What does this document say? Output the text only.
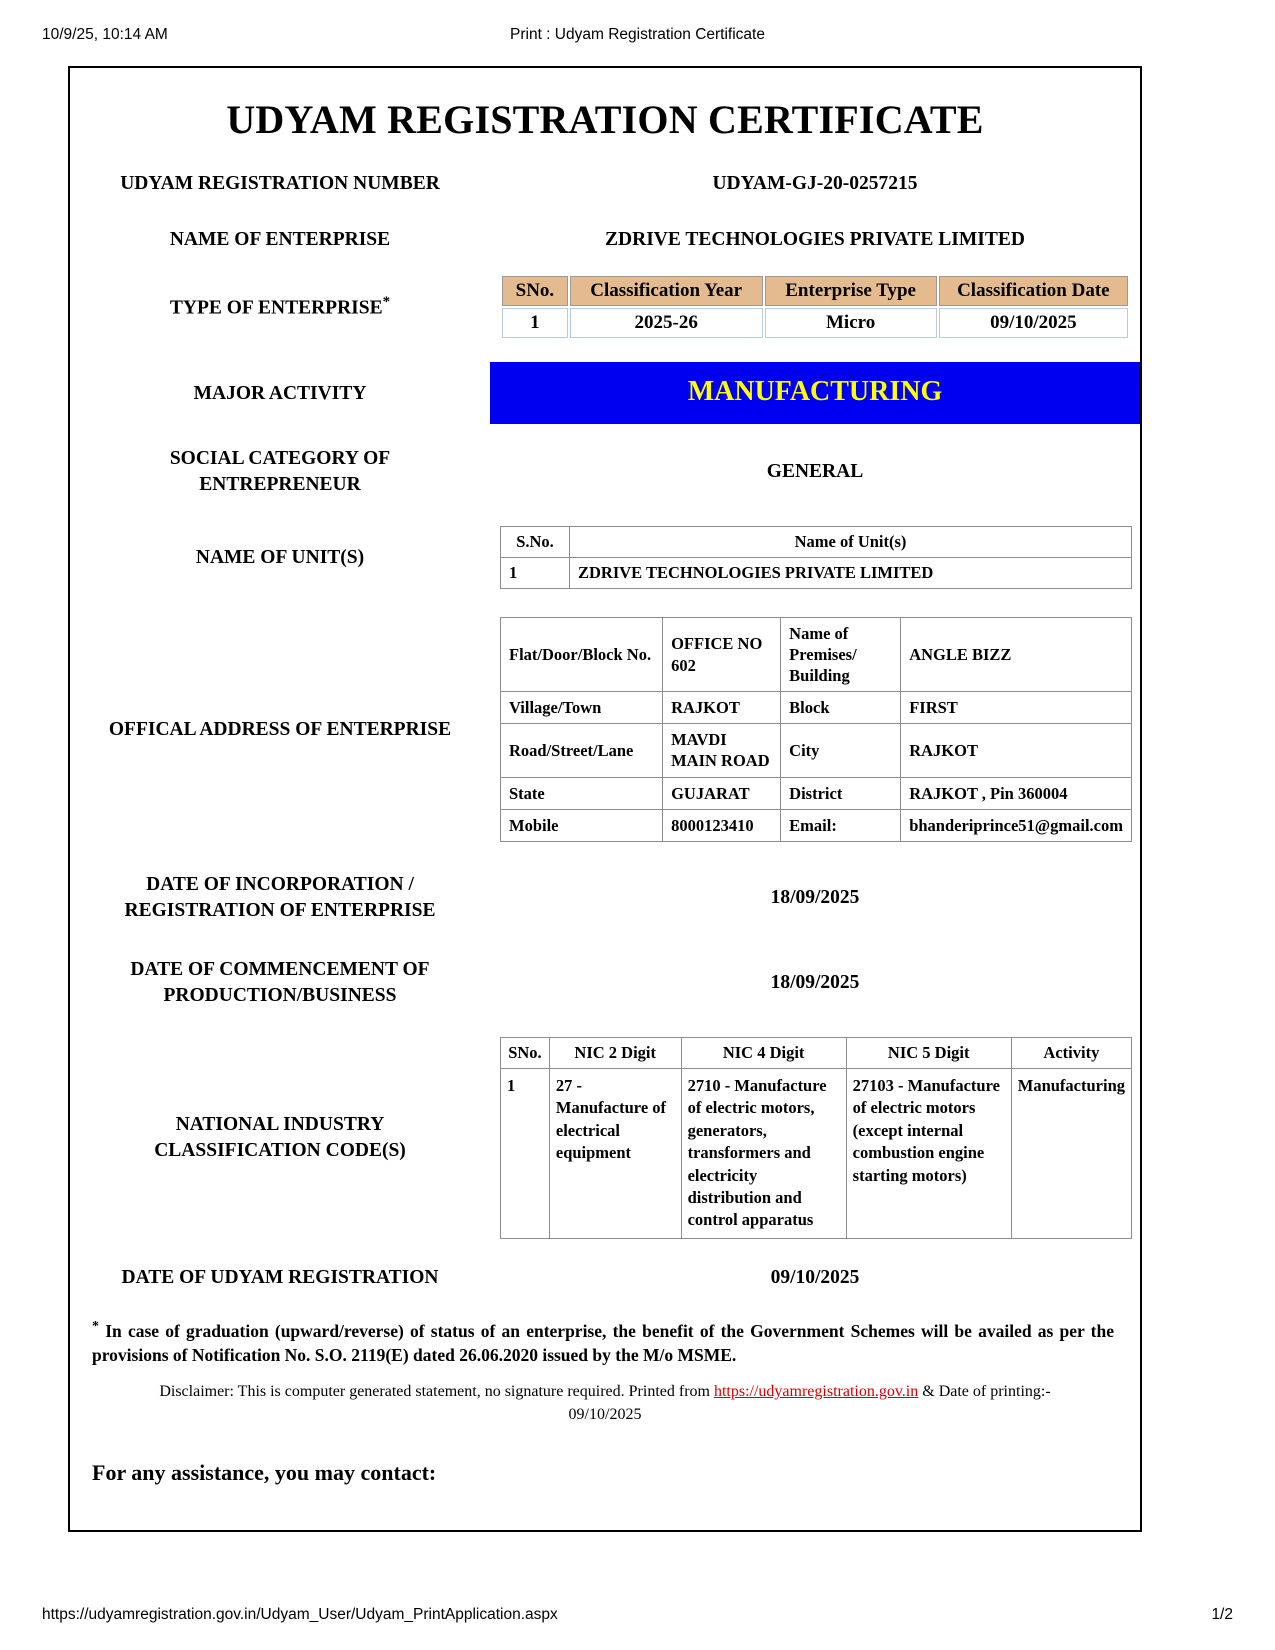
10/9/25, 10:14 AM	Print : Udyam Registration Certificate
UDYAM REGISTRATION CERTIFICATE
UDYAM REGISTRATION NUMBER	UDYAM-GJ-20-0257215
NAME OF ENTERPRISE	ZDRIVE TECHNOLOGIES PRIVATE LIMITED
TYPE OF ENTERPRISE*
SNo.	Classification Year	Enterprise Type	Classification Date
1	2025-26	Micro	09/10/2025
MAJOR ACTIVITY	MANUFACTURING
SOCIAL CATEGORY OF
ENTREPRENEUR
GENERAL
NAME OF UNIT(S)
S.No.	Name of Unit(s)
1	ZDRIVE TECHNOLOGIES PRIVATE LIMITED
OFFICAL ADDRESS OF ENTERPRISE
Flat/Door/Block No.	OFFICE NO 602	Name of Premises/ Building	ANGLE BIZZ
Village/Town	RAJKOT	Block	FIRST
Road/Street/Lane	MAVDI MAIN ROAD	City	RAJKOT
State	GUJARAT	District	RAJKOT , Pin 360004
Mobile	8000123410	Email:	bhanderiprince51@gmail.com
DATE OF INCORPORATION /
REGISTRATION OF ENTERPRISE
18/09/2025
DATE OF COMMENCEMENT OF
PRODUCTION/BUSINESS
18/09/2025
NATIONAL INDUSTRY
CLASSIFICATION CODE(S)
SNo.	NIC 2 Digit	NIC 4 Digit	NIC 5 Digit	Activity
1	27 - Manufacture of electrical equipment	2710 - Manufacture of electric motors, generators, transformers and electricity distribution and control apparatus	27103 - Manufacture of electric motors (except internal combustion engine starting motors)	Manufacturing
DATE OF UDYAM REGISTRATION	09/10/2025
* In case of graduation (upward/reverse) of status of an enterprise, the benefit of the Government Schemes will be availed as per the provisions of Notification No. S.O. 2119(E) dated 26.06.2020 issued by the M/o MSME.
Disclaimer: This is computer generated statement, no signature required. Printed from https://udyamregistration.gov.in & Date of printing:-
09/10/2025
For any assistance, you may contact:
https://udyamregistration.gov.in/Udyam_User/Udyam_PrintApplication.aspx	1/2
